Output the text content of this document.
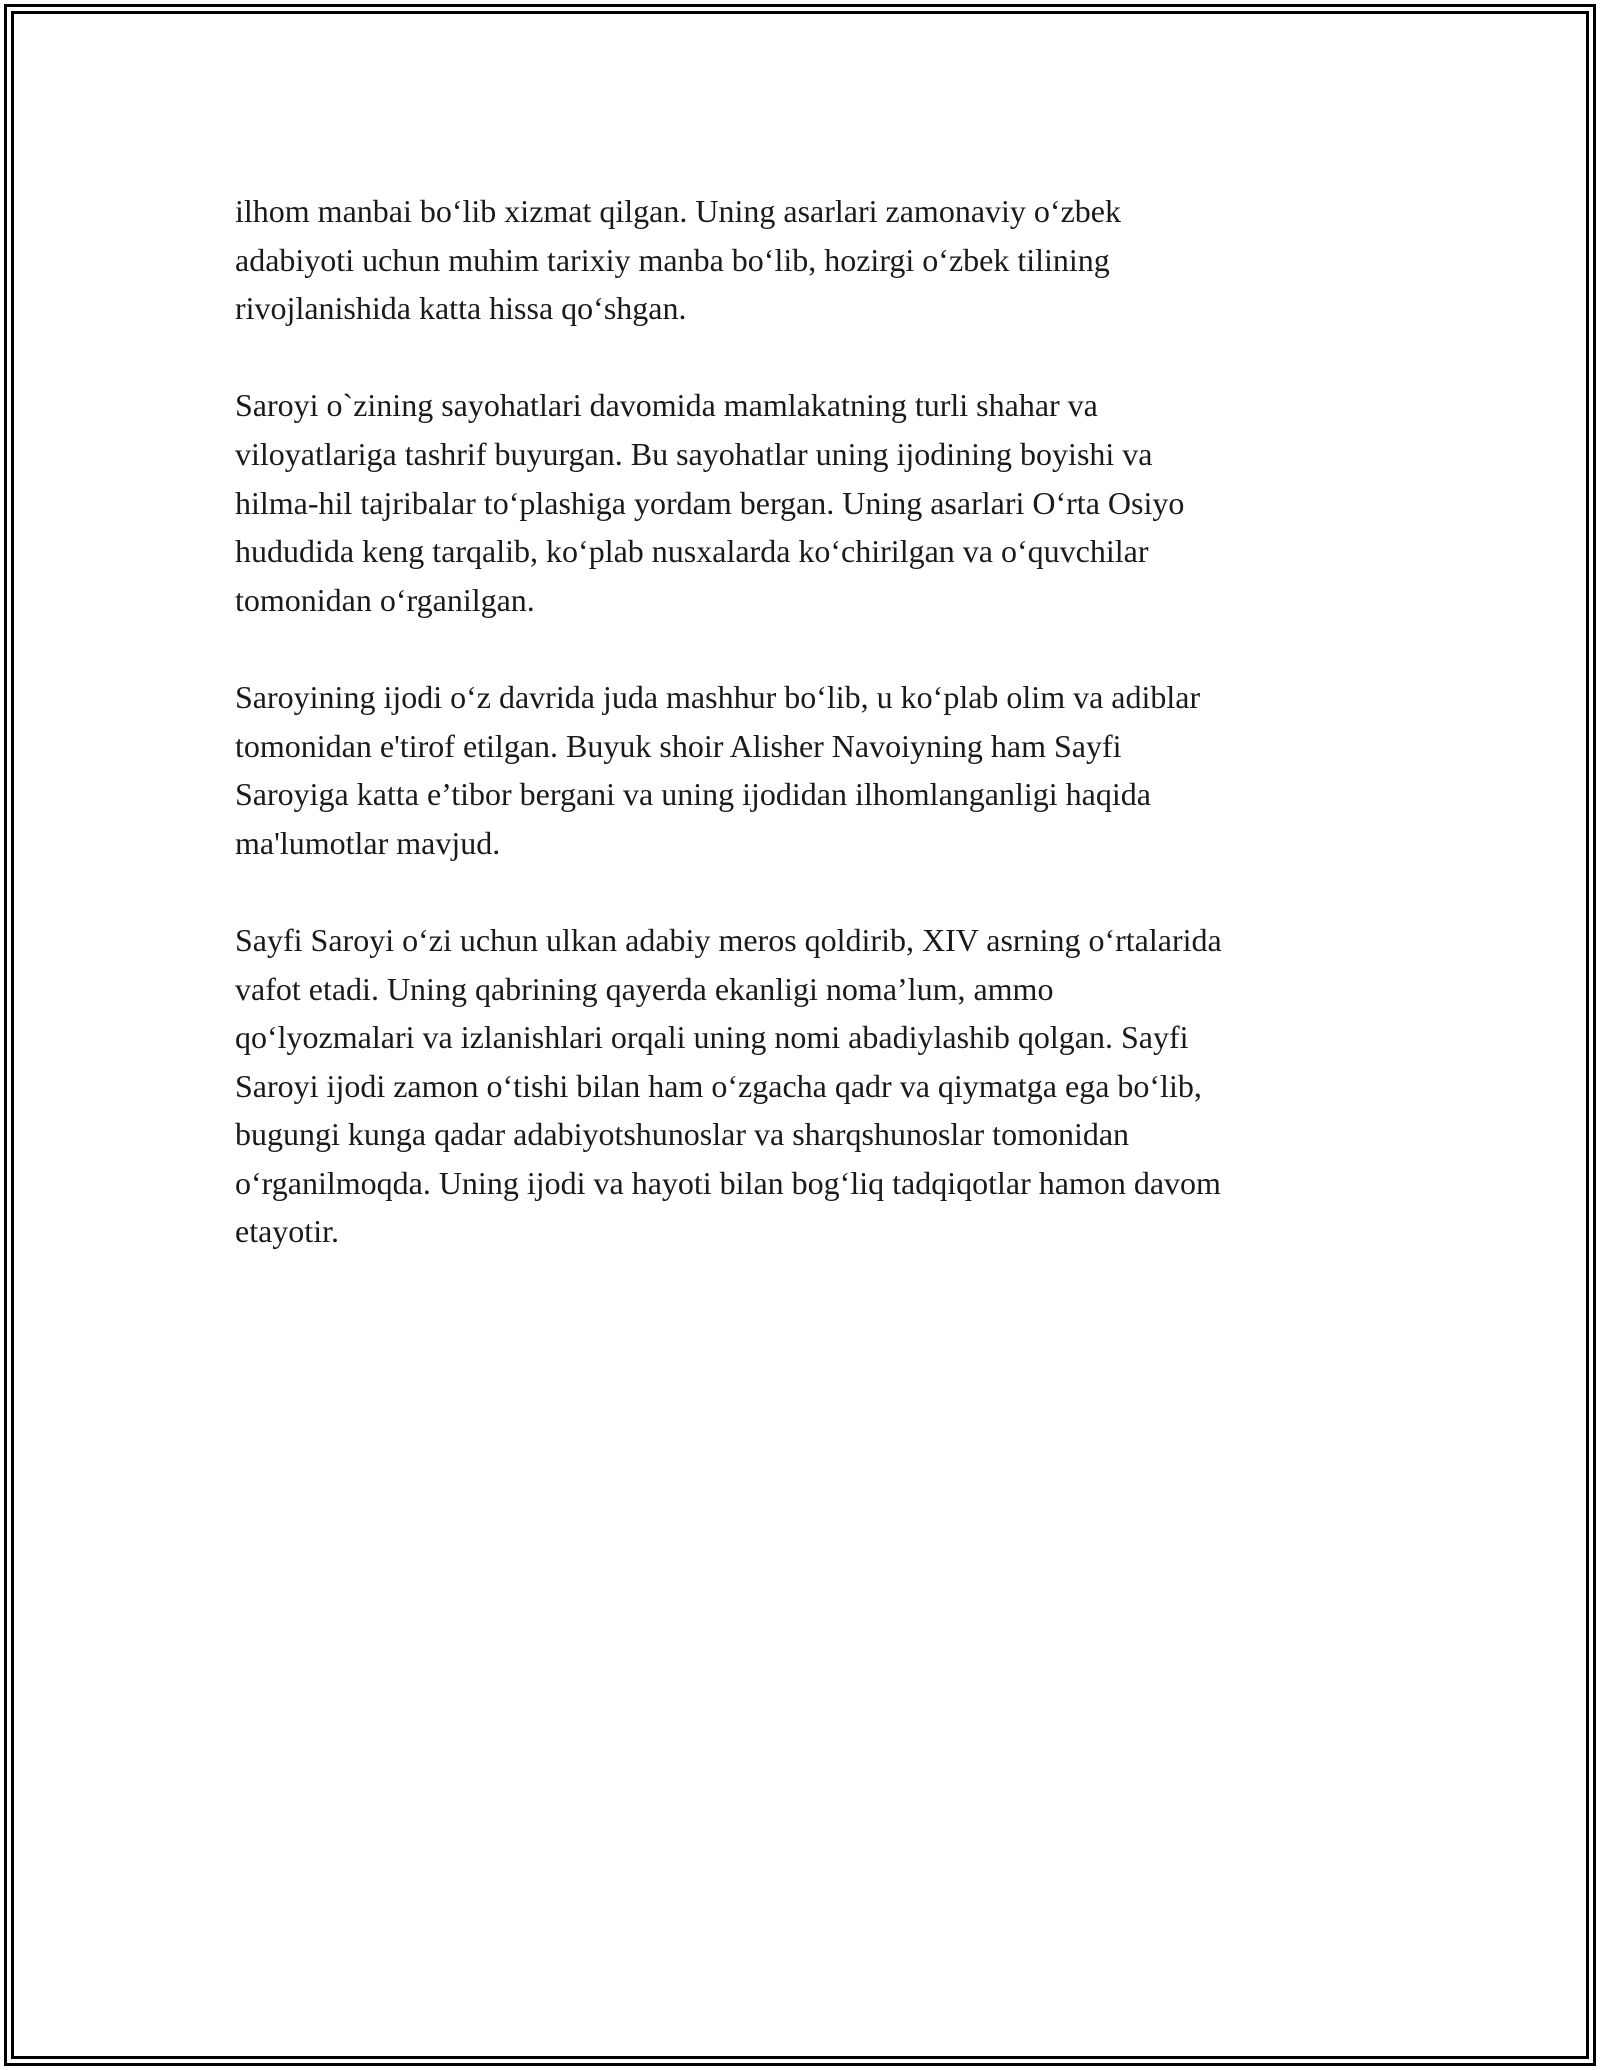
ilhom manbai bo‘lib xizmat qilgan. Uning asarlari zamonaviy o‘zbek
adabiyoti uchun muhim tarixiy manba bo‘lib, hozirgi o‘zbek tilining
rivojlanishida katta hissa qo‘shgan.

Saroyi o`zining sayohatlari davomida mamlakatning turli shahar va
viloyatlariga tashrif buyurgan. Bu sayohatlar uning ijodining boyishi va
hilma-hil tajribalar to‘plashiga yordam bergan. Uning asarlari O‘rta Osiyo
hududida keng tarqalib, ko‘plab nusxalarda ko‘chirilgan va o‘quvchilar
tomonidan o‘rganilgan.

Saroyining ijodi o‘z davrida juda mashhur bo‘lib, u ko‘plab olim va adiblar
tomonidan e'tirof etilgan. Buyuk shoir Alisher Navoiyning ham Sayfi
Saroyiga katta e’tibor bergani va uning ijodidan ilhomlanganligi haqida
ma'lumotlar mavjud.

Sayfi Saroyi o‘zi uchun ulkan adabiy meros qoldirib, XIV asrning o‘rtalarida
vafot etadi. Uning qabrining qayerda ekanligi noma’lum, ammo
qo‘lyozmalari va izlanishlari orqali uning nomi abadiylashib qolgan. Sayfi
Saroyi ijodi zamon o‘tishi bilan ham o‘zgacha qadr va qiymatga ega bo‘lib,
bugungi kunga qadar adabiyotshunoslar va sharqshunoslar tomonidan
o‘rganilmoqda. Uning ijodi va hayoti bilan bog‘liq tadqiqotlar hamon davom
etayotir.
